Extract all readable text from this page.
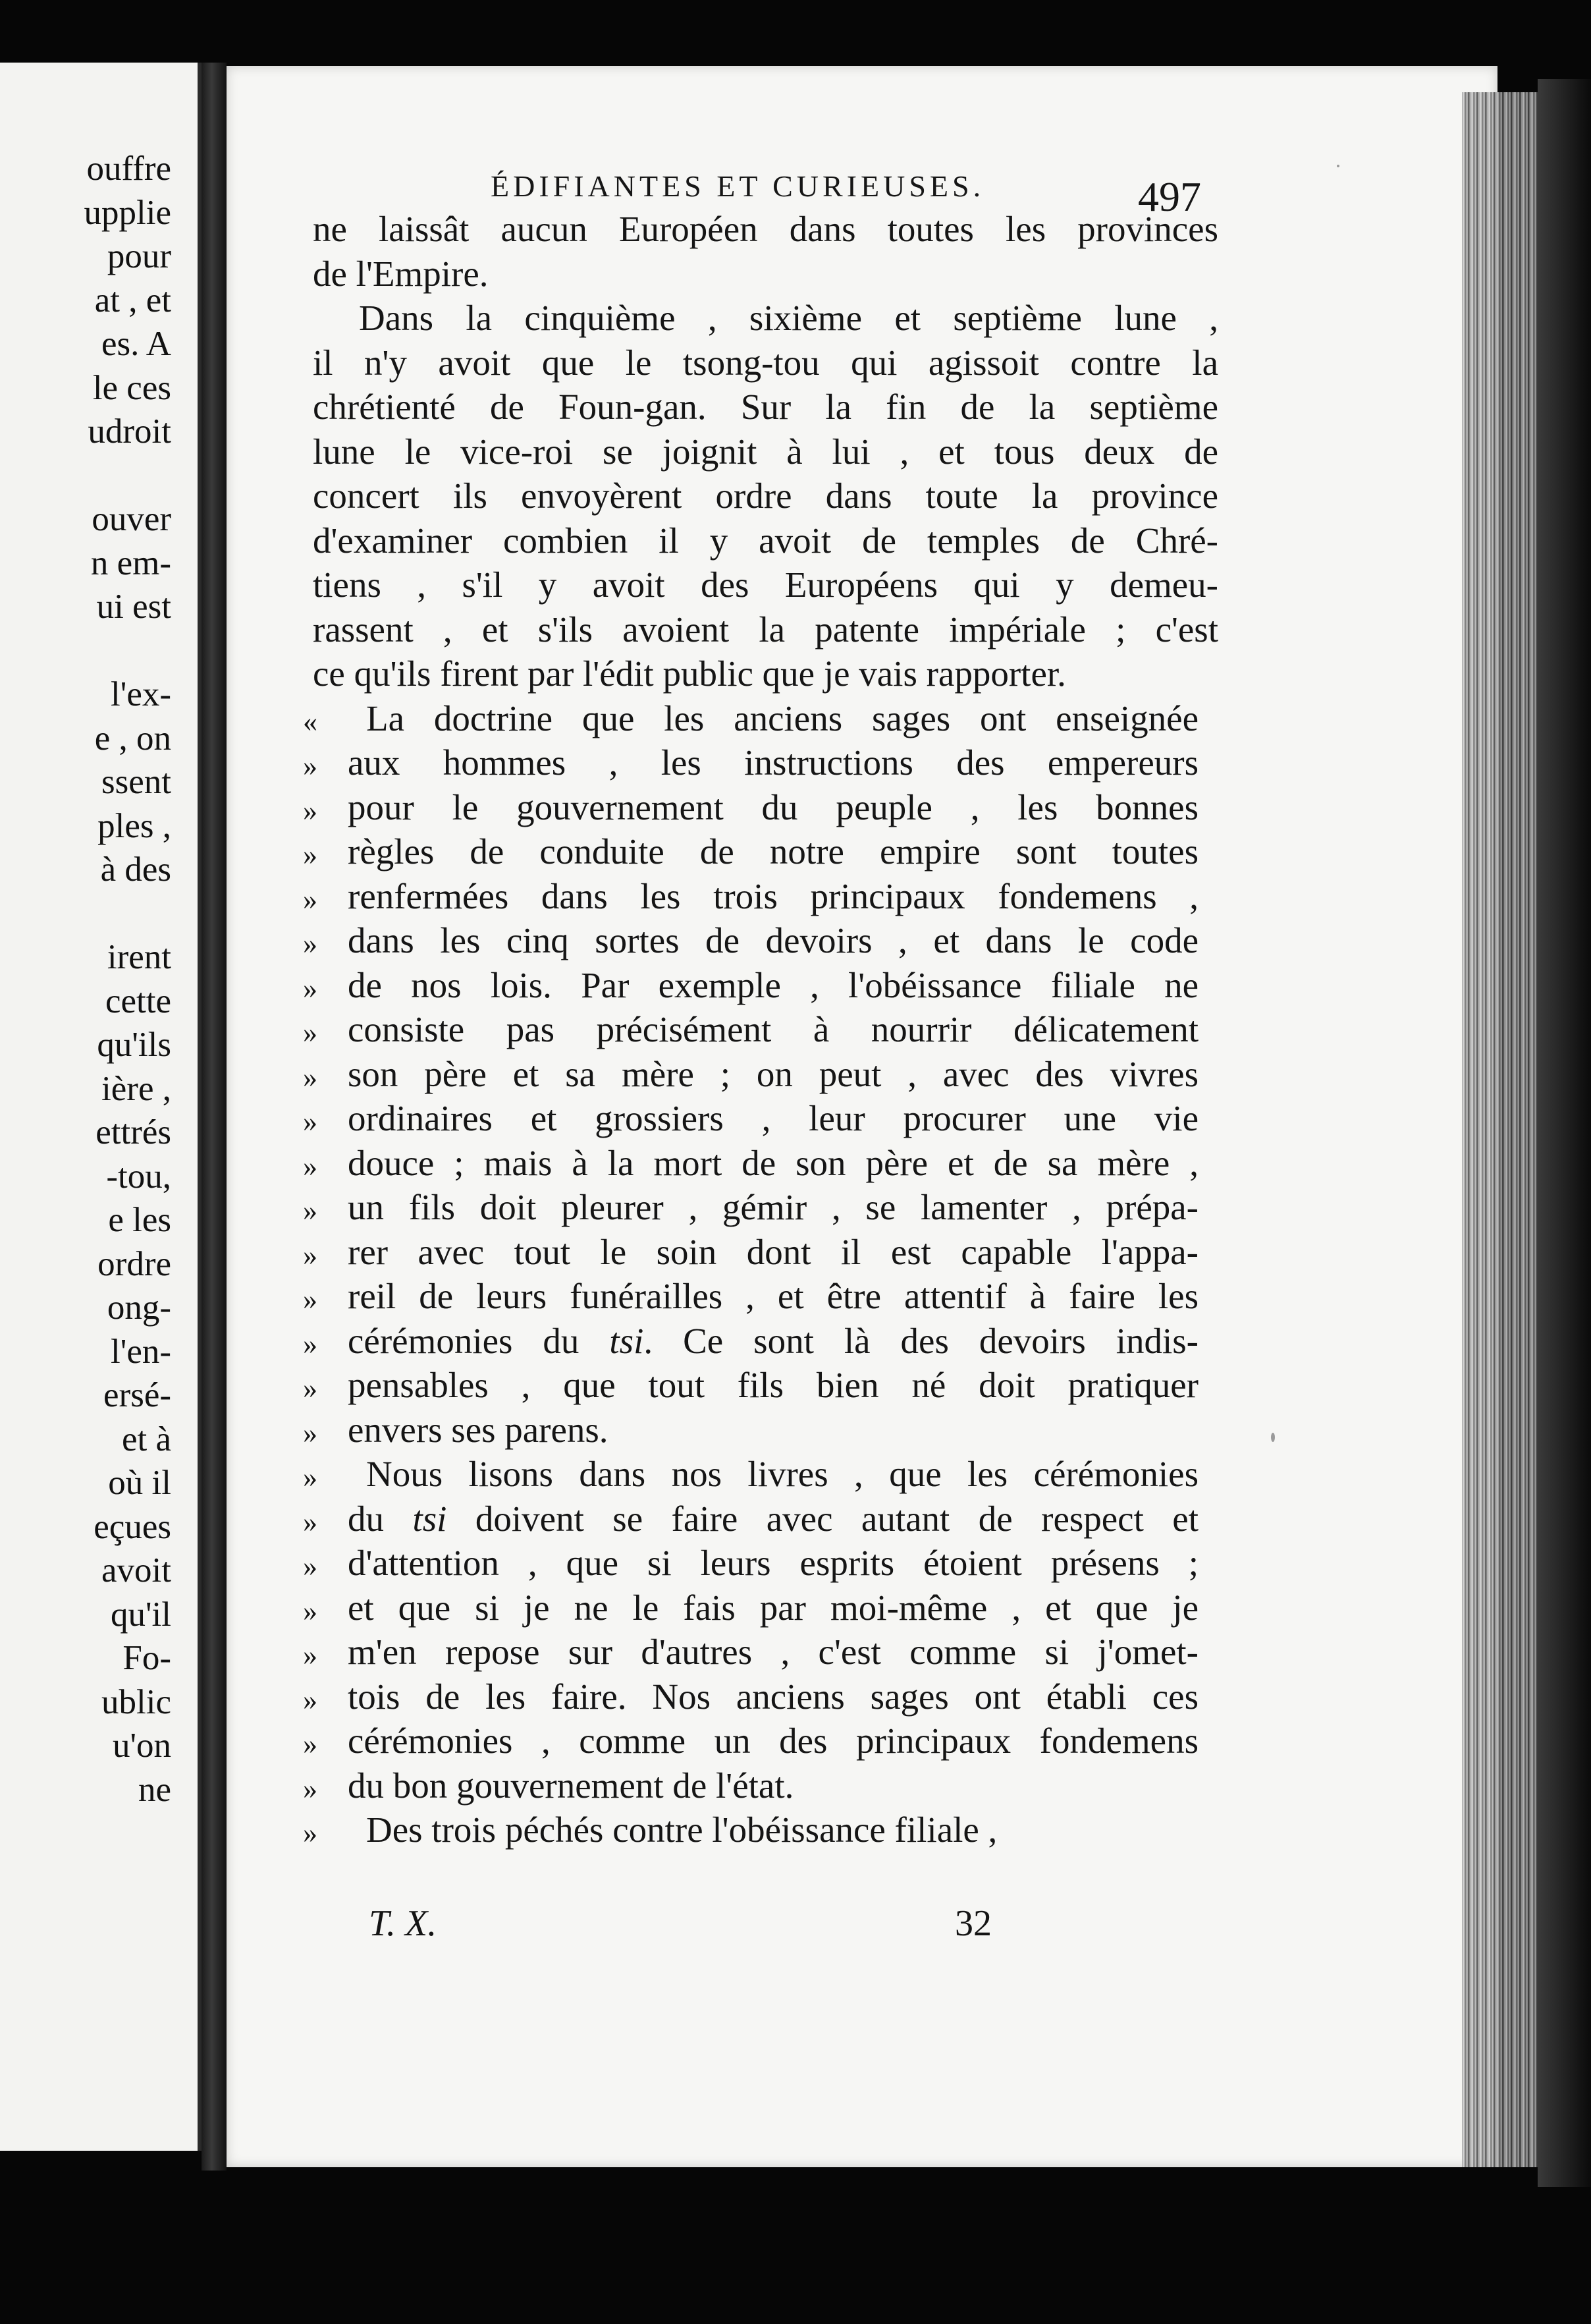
ouffre
upplie
pour
at , et
es. A
le ces
udroit
ouver
n em-
ui est
l'ex-
e , on
ssent
ples ,
à des
irent
cette
qu'ils
ière ,
ettrés
-tou,
e les
ordre
ong-
l'en-
ersé-
et à
où il
eçues
avoit
qu'il
Fo-
ublic
u'on
ne
ÉDIFIANTES ET CURIEUSES.	497
ne laissât aucun Européen dans toutes les provinces
de l'Empire.
Dans la cinquième , sixième et septième lune ,
il n'y avoit que le tsong-tou qui agissoit contre la
chrétienté de Foun-gan. Sur la fin de la septième
lune le vice-roi se joignit à lui , et tous deux de
concert ils envoyèrent ordre dans toute la province
d'examiner combien il y avoit de temples de Chré-
tiens , s'il y avoit des Européens qui y demeu-
rassent , et s'ils avoient la patente impériale ; c'est
ce qu'ils firent par l'édit public que je vais rapporter.
« La doctrine que les anciens sages ont enseignée
» aux hommes , les instructions des empereurs
» pour le gouvernement du peuple , les bonnes
» règles de conduite de notre empire sont toutes
» renfermées dans les trois principaux fondemens ,
» dans les cinq sortes de devoirs , et dans le code
» de nos lois. Par exemple , l'obéissance filiale ne
» consiste pas précisément à nourrir délicatement
» son père et sa mère ; on peut , avec des vivres
» ordinaires et grossiers , leur procurer une vie
» douce ; mais à la mort de son père et de sa mère ,
» un fils doit pleurer , gémir , se lamenter , prépa-
» rer avec tout le soin dont il est capable l'appa-
» reil de leurs funérailles , et être attentif à faire les
» cérémonies du tsi. Ce sont là des devoirs indis-
» pensables , que tout fils bien né doit pratiquer
» envers ses parens.
» Nous lisons dans nos livres , que les cérémonies
» du tsi doivent se faire avec autant de respect et
» d'attention , que si leurs esprits étoient présens ;
» et que si je ne le fais par moi-même , et que je
» m'en repose sur d'autres , c'est comme si j'omet-
» tois de les faire. Nos anciens sages ont établi ces
» cérémonies , comme un des principaux fondemens
» du bon gouvernement de l'état.
» Des trois péchés contre l'obéissance filiale ,
T. X.	32
